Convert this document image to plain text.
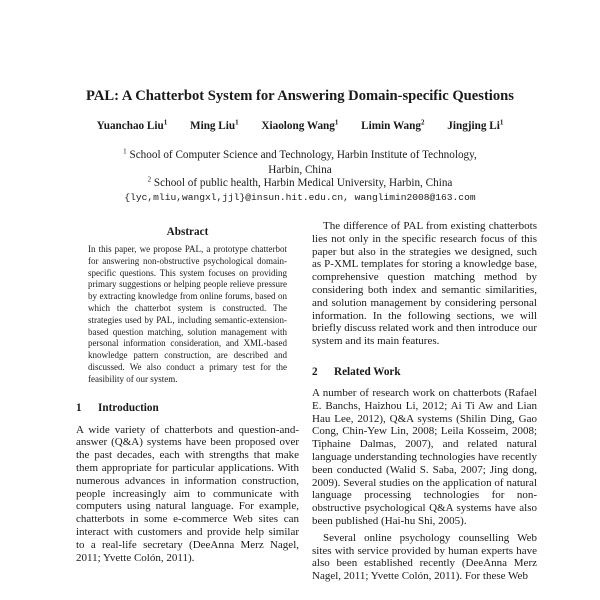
PAL: A Chatterbot System for Answering Domain-specific Questions
Yuanchao Liu$^1$ Ming Liu$^1$ Xiaolong Wang$^1$ Limin Wang$^2$ Jingjing Li$^1$
$^1$ School of Computer Science and Technology, Harbin Institute of Technology,
Harbin, China
$^2$ School of public health, Harbin Medical University, Harbin, China
{lyc,mliu,wangxl,jjl}@insun.hit.edu.cn, wanglimin2008@163.com
Abstract

In this paper, we propose PAL, a prototype chatterbot for answering non-obstructive psychological domain-specific questions. This system focuses on providing primary suggestions or helping people relieve pressure by extracting knowledge from online forums, based on which the chatterbot system is constructed. The strategies used by PAL, including semantic-extension-based question matching, solution management with personal information consideration, and XML-based knowledge pattern construction, are described and discussed. We also conduct a primary test for the feasibility of our system.

1 Introduction

A wide variety of chatterbots and question-and-answer (Q&A) systems have been proposed over the past decades, each with strengths that make them appropriate for particular applications. With numerous advances in information construction, people increasingly aim to communicate with computers using natural language. For example, chatterbots in some e-commerce Web sites can interact with customers and provide help similar to a real-life secretary (DeeAnna Merz Nagel, 2011; Yvette Colón, 2011).

The difference of PAL from existing chatterbots lies not only in the specific research focus of this paper but also in the strategies we designed, such as P-XML templates for storing a knowledge base, comprehensive question matching method by considering both index and semantic similarities, and solution management by considering personal information. In the following sections, we will briefly discuss related work and then introduce our system and its main features.

2 Related Work

A number of research work on chatterbots (Rafael E. Banchs, Haizhou Li, 2012; Ai Ti Aw and Lian Hau Lee, 2012), Q&A systems (Shilin Ding, Gao Cong, Chin-Yew Lin, 2008; Leila Kosseim, 2008; Tiphaine Dalmas, 2007), and related natural language understanding technologies have recently been conducted (Walid S. Saba, 2007; Jing dong, 2009). Several studies on the application of natural language processing technologies for non-obstructive psychological Q&A systems have also been published (Hai-hu Shi, 2005).

Several online psychology counselling Web sites with service provided by human experts have also been established recently (DeeAnna Merz Nagel, 2011; Yvette Colón, 2011). For these Web
